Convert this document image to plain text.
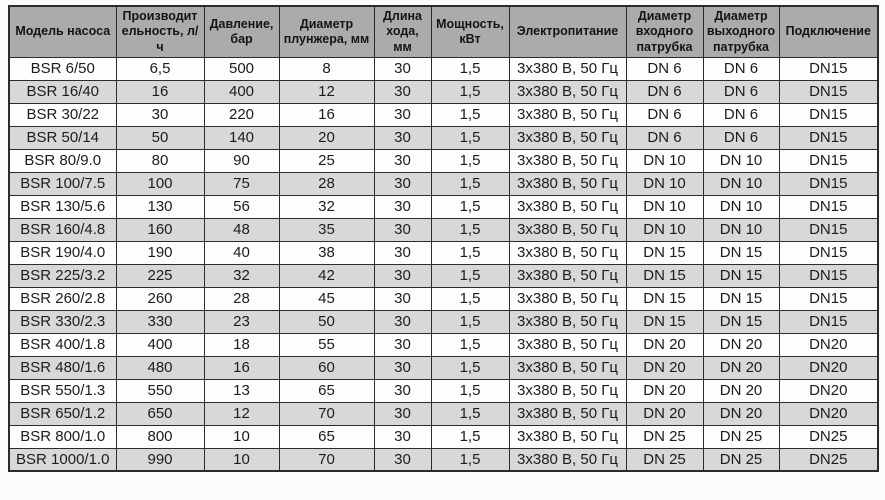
Модель насоса	Производительность, л/ч	Давление, бар	Диаметр плунжера, мм	Длина хода, мм	Мощность, кВт	Электропитание	Диаметр входного патрубка	Диаметр выходного патрубка	Подключение
BSR 6/50	6,5	500	8	30	1,5	3x380 В, 50 Гц	DN 6	DN 6	DN15
BSR 16/40	16	400	12	30	1,5	3x380 В, 50 Гц	DN 6	DN 6	DN15
BSR 30/22	30	220	16	30	1,5	3x380 В, 50 Гц	DN 6	DN 6	DN15
BSR 50/14	50	140	20	30	1,5	3x380 В, 50 Гц	DN 6	DN 6	DN15
BSR 80/9.0	80	90	25	30	1,5	3x380 В, 50 Гц	DN 10	DN 10	DN15
BSR 100/7.5	100	75	28	30	1,5	3x380 В, 50 Гц	DN 10	DN 10	DN15
BSR 130/5.6	130	56	32	30	1,5	3x380 В, 50 Гц	DN 10	DN 10	DN15
BSR 160/4.8	160	48	35	30	1,5	3x380 В, 50 Гц	DN 10	DN 10	DN15
BSR 190/4.0	190	40	38	30	1,5	3x380 В, 50 Гц	DN 15	DN 15	DN15
BSR 225/3.2	225	32	42	30	1,5	3x380 В, 50 Гц	DN 15	DN 15	DN15
BSR 260/2.8	260	28	45	30	1,5	3x380 В, 50 Гц	DN 15	DN 15	DN15
BSR 330/2.3	330	23	50	30	1,5	3x380 В, 50 Гц	DN 15	DN 15	DN15
BSR 400/1.8	400	18	55	30	1,5	3x380 В, 50 Гц	DN 20	DN 20	DN20
BSR 480/1.6	480	16	60	30	1,5	3x380 В, 50 Гц	DN 20	DN 20	DN20
BSR 550/1.3	550	13	65	30	1,5	3x380 В, 50 Гц	DN 20	DN 20	DN20
BSR 650/1.2	650	12	70	30	1,5	3x380 В, 50 Гц	DN 20	DN 20	DN20
BSR 800/1.0	800	10	65	30	1,5	3x380 В, 50 Гц	DN 25	DN 25	DN25
BSR 1000/1.0	990	10	70	30	1,5	3x380 В, 50 Гц	DN 25	DN 25	DN25
